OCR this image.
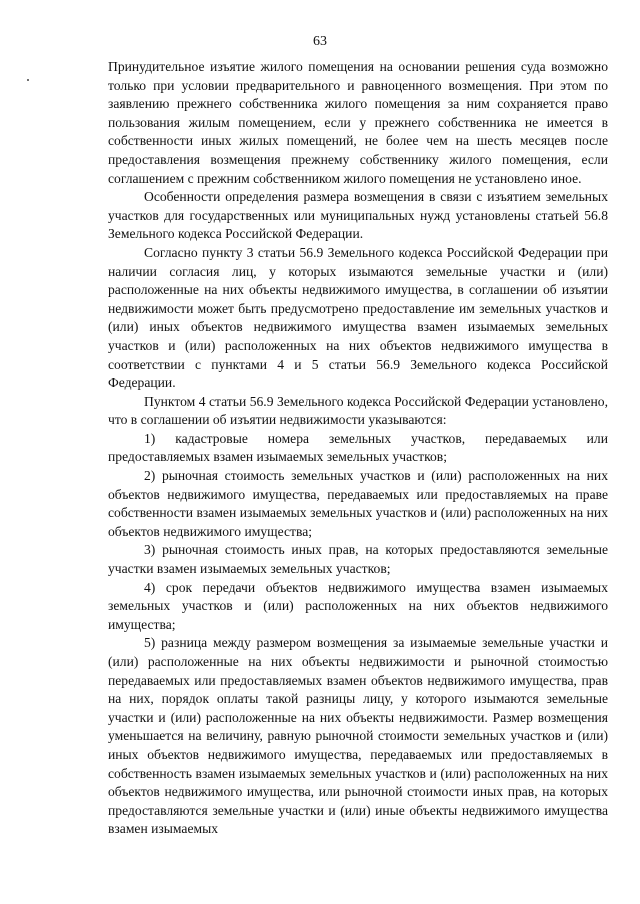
63

Принудительное изъятие жилого помещения на основании решения суда возможно только при условии предварительного и равноценного возмещения. При этом по заявлению прежнего собственника жилого помещения за ним сохраняется право пользования жилым помещением, если у прежнего собственника не имеется в собственности иных жилых помещений, не более чем на шесть месяцев после предоставления возмещения прежнему собственнику жилого помещения, если соглашением с прежним собственником жилого помещения не установлено иное.

Особенности определения размера возмещения в связи с изъятием земельных участков для государственных или муниципальных нужд установлены статьей 56.8 Земельного кодекса Российской Федерации.

Согласно пункту 3 статьи 56.9 Земельного кодекса Российской Федерации при наличии согласия лиц, у которых изымаются земельные участки и (или) расположенные на них объекты недвижимого имущества, в соглашении об изъятии недвижимости может быть предусмотрено предоставление им земельных участков и (или) иных объектов недвижимого имущества взамен изымаемых земельных участков и (или) расположенных на них объектов недвижимого имущества в соответствии с пунктами 4 и 5 статьи 56.9 Земельного кодекса Российской Федерации.

Пунктом 4 статьи 56.9 Земельного кодекса Российской Федерации установлено, что в соглашении об изъятии недвижимости указываются:

1) кадастровые номера земельных участков, передаваемых или предоставляемых взамен изымаемых земельных участков;

2) рыночная стоимость земельных участков и (или) расположенных на них объектов недвижимого имущества, передаваемых или предоставляемых на праве собственности взамен изымаемых земельных участков и (или) расположенных на них объектов недвижимого имущества;

3) рыночная стоимость иных прав, на которых предоставляются земельные участки взамен изымаемых земельных участков;

4) срок передачи объектов недвижимого имущества взамен изымаемых земельных участков и (или) расположенных на них объектов недвижимого имущества;

5) разница между размером возмещения за изымаемые земельные участки и (или) расположенные на них объекты недвижимости и рыночной стоимостью передаваемых или предоставляемых взамен объектов недвижимого имущества, прав на них, порядок оплаты такой разницы лицу, у которого изымаются земельные участки и (или) расположенные на них объекты недвижимости. Размер возмещения уменьшается на величину, равную рыночной стоимости земельных участков и (или) иных объектов недвижимого имущества, передаваемых или предоставляемых в собственность взамен изымаемых земельных участков и (или) расположенных на них объектов недвижимого имущества, или рыночной стоимости иных прав, на которых предоставляются земельные участки и (или) иные объекты недвижимого имущества взамен изымаемых
